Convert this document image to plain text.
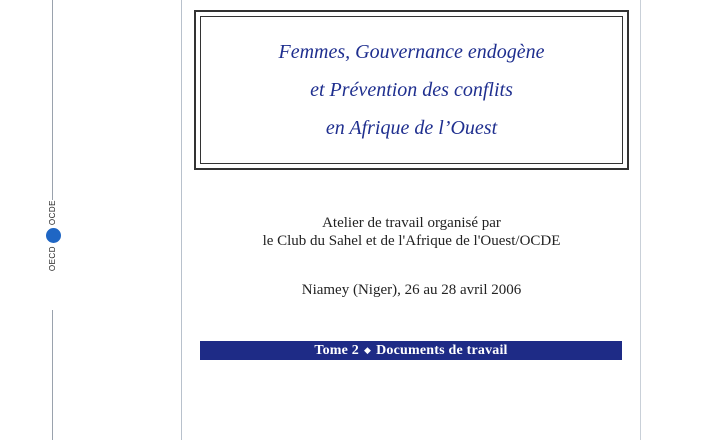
OCDE
OECD
Femmes, Gouvernance endogène
et Prévention des conflits
en Afrique de l’Ouest
Atelier de travail organisé par
le Club du Sahel et de l'Afrique de l'Ouest/OCDE
Niamey (Niger), 26 au 28 avril 2006
Tome 2 ◆ Documents de travail
